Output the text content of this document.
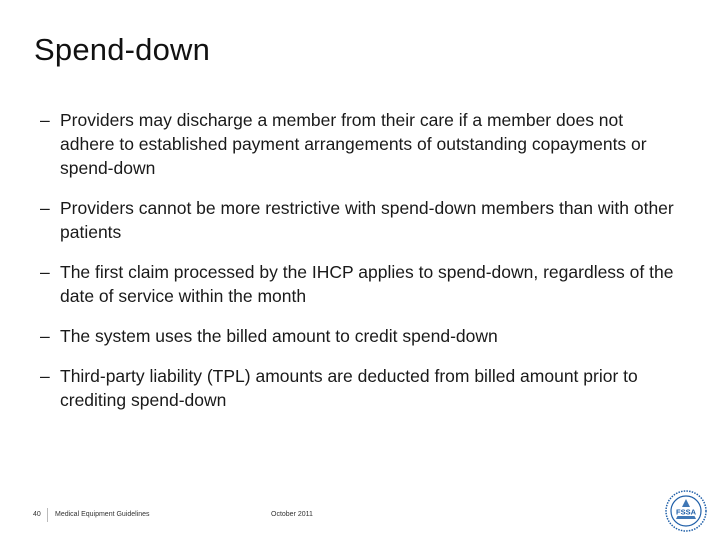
Spend-down
– Providers may discharge a member from their care if a member does not adhere to established payment arrangements of outstanding copayments or spend-down
– Providers cannot be more restrictive with spend-down members than with other patients
– The first claim processed by the IHCP applies to spend-down, regardless of the date of service within the month
– The system uses the billed amount to credit spend-down
– Third-party liability (TPL) amounts are deducted from billed amount prior to crediting spend-down
40 Medical Equipment Guidelines	October 2011	FSSA
